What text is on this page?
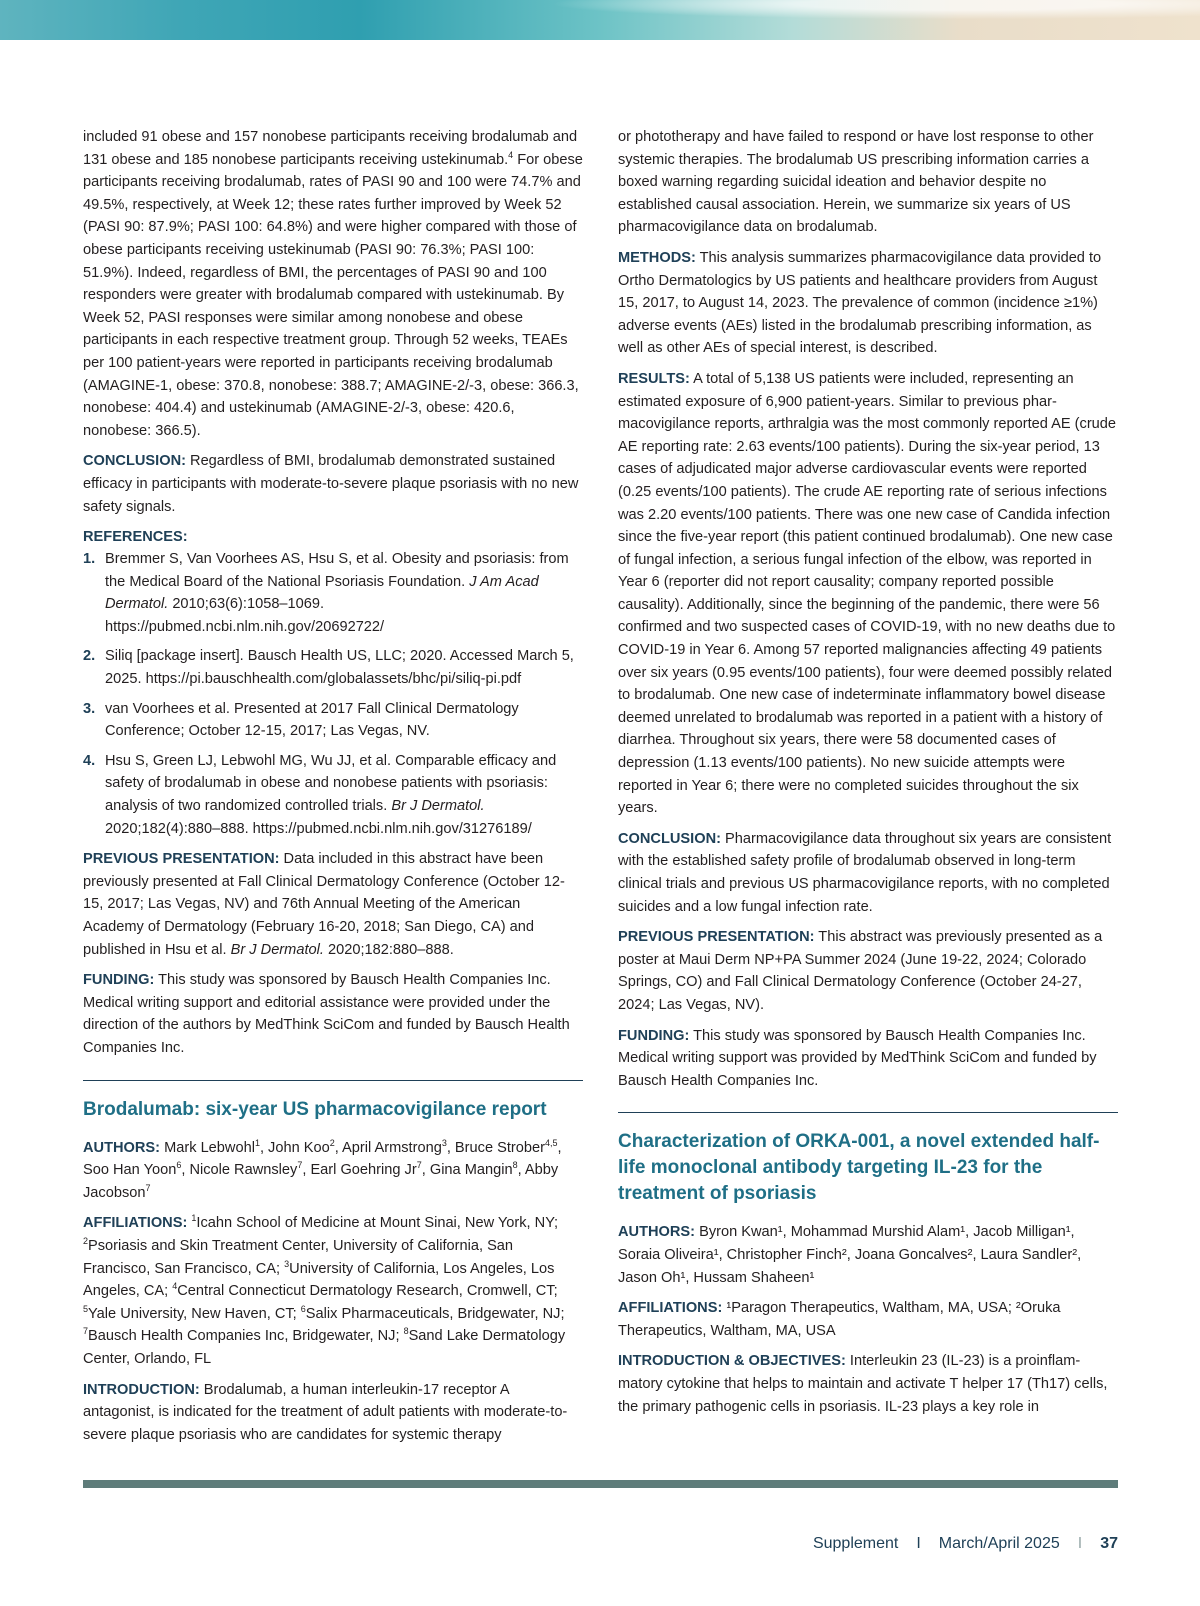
included 91 obese and 157 nonobese participants receiving brodalumab and 131 obese and 185 nonobese participants receiving ustekinumab.$^4$ For obese participants receiving brodalumab, rates of PASI 90 and 100 were 74.7% and 49.5%, respectively, at Week 12; these rates further improved by Week 52 (PASI 90: 87.9%; PASI 100: 64.8%) and were higher compared with those of obese participants receiving ustekinumab (PASI 90: 76.3%; PASI 100: 51.9%). Indeed, regardless of BMI, the percentages of PASI 90 and 100 responders were greater with brodalumab compared with ustekinumab. By Week 52, PASI responses were similar among nonobese and obese participants in each respective treatment group. Through 52 weeks, TEAEs per 100 patient-years were reported in participants receiving brodalumab (AMAGINE-1, obese: 370.8, nonobese: 388.7; AMAGINE-2/-3, obese: 366.3, nonobese: 404.4) and ustekinumab (AMAGINE-2/-3, obese: 420.6, nonobese: 366.5).

CONCLUSION: Regardless of BMI, brodalumab demonstrated sustained efficacy in participants with moderate-to-severe plaque psoriasis with no new safety signals.

REFERENCES:
1. Bremmer S, Van Voorhees AS, Hsu S, et al. Obesity and psoriasis: from the Medical Board of the National Psoriasis Foundation. J Am Acad Dermatol. 2010;63(6):1058–1069. https://pubmed.ncbi.nlm.nih.gov/20692722/
2. Siliq [package insert]. Bausch Health US, LLC; 2020. Accessed March 5, 2025. https://pi.bauschhealth.com/globalassets/bhc/pi/siliq-pi.pdf
3. van Voorhees et al. Presented at 2017 Fall Clinical Dermatology Conference; October 12-15, 2017; Las Vegas, NV.
4. Hsu S, Green LJ, Lebwohl MG, Wu JJ, et al. Comparable efficacy and safety of brodalumab in obese and nonobese patients with psoriasis: analysis of two randomized controlled trials. Br J Dermatol. 2020;182(4):880–888. https://pubmed.ncbi.nlm.nih.gov/31276189/

PREVIOUS PRESENTATION: Data included in this abstract have been previously presented at Fall Clinical Dermatology Conference (October 12-15, 2017; Las Vegas, NV) and 76th Annual Meeting of the American Academy of Dermatology (February 16-20, 2018; San Diego, CA) and published in Hsu et al. Br J Dermatol. 2020;182:880–888.

FUNDING: This study was sponsored by Bausch Health Companies Inc. Medical writing support and editorial assistance were provided under the direction of the authors by MedThink SciCom and funded by Bausch Health Companies Inc.

Brodalumab: six-year US pharmacovigilance report

AUTHORS: Mark Lebwohl$^1$, John Koo$^2$, April Armstrong$^3$, Bruce Strober$^{4,5}$, Soo Han Yoon$^6$, Nicole Rawnsley$^7$, Earl Goehring Jr$^7$, Gina Mangin$^8$, Abby Jacobson$^7$

AFFILIATIONS: $^1$Icahn School of Medicine at Mount Sinai, New York, NY; $^2$Psoriasis and Skin Treatment Center, University of California, San Francisco, San Francisco, CA; $^3$University of California, Los Angeles, Los Angeles, CA; $^4$Central Connecticut Dermatology Research, Cromwell, CT; $^5$Yale University, New Haven, CT; $^6$Salix Pharmaceuticals, Bridgewater, NJ; $^7$Bausch Health Companies Inc, Bridgewater, NJ; $^8$Sand Lake Dermatology Center, Orlando, FL

INTRODUCTION: Brodalumab, a human interleukin-17 receptor A antagonist, is indicated for the treatment of adult patients with moderate-to-severe plaque psoriasis who are candidates for systemic therapy

or phototherapy and have failed to respond or have lost response to other systemic therapies. The brodalumab US prescribing information carries a boxed warning regarding suicidal ideation and behavior despite no established causal association. Herein, we summarize six years of US pharmacovigilance data on brodalumab.

METHODS: This analysis summarizes pharmacovigilance data provided to Ortho Dermatologics by US patients and healthcare providers from August 15, 2017, to August 14, 2023. The prevalence of common (incidence ≥1%) adverse events (AEs) listed in the brodalumab prescribing information, as well as other AEs of special interest, is described.

RESULTS: A total of 5,138 US patients were included, representing an estimated exposure of 6,900 patient-years. Similar to previous pharmacovigilance reports, arthralgia was the most commonly reported AE (crude AE reporting rate: 2.63 events/100 patients). During the six-year period, 13 cases of adjudicated major adverse cardiovascular events were reported (0.25 events/100 patients). The crude AE reporting rate of serious infections was 2.20 events/100 patients. There was one new case of Candida infection since the five-year report (this patient continued brodalumab). One new case of fungal infection, a serious fungal infection of the elbow, was reported in Year 6 (reporter did not report causality; company reported possible causality). Additionally, since the beginning of the pandemic, there were 56 confirmed and two suspected cases of COVID-19, with no new deaths due to COVID-19 in Year 6. Among 57 reported malignancies affecting 49 patients over six years (0.95 events/100 patients), four were deemed possibly related to brodalumab. One new case of indeterminate inflammatory bowel disease deemed unrelated to brodalumab was reported in a patient with a history of diarrhea. Throughout six years, there were 58 documented cases of depression (1.13 events/100 patients). No new suicide attempts were reported in Year 6; there were no completed suicides throughout the six years.

CONCLUSION: Pharmacovigilance data throughout six years are consistent with the established safety profile of brodalumab observed in long-term clinical trials and previous US pharmacovigilance reports, with no completed suicides and a low fungal infection rate.

PREVIOUS PRESENTATION: This abstract was previously presented as a poster at Maui Derm NP+PA Summer 2024 (June 19-22, 2024; Colorado Springs, CO) and Fall Clinical Dermatology Conference (October 24-27, 2024; Las Vegas, NV).

FUNDING: This study was sponsored by Bausch Health Companies Inc. Medical writing support was provided by MedThink SciCom and funded by Bausch Health Companies Inc.

Characterization of ORKA-001, a novel extended half-life monoclonal antibody targeting IL-23 for the treatment of psoriasis

AUTHORS: Byron Kwan¹, Mohammad Murshid Alam¹, Jacob Milligan¹, Soraia Oliveira¹, Christopher Finch², Joana Goncalves², Laura Sandler², Jason Oh¹, Hussam Shaheen¹

AFFILIATIONS: ¹Paragon Therapeutics, Waltham, MA, USA; ²Oruka Therapeutics, Waltham, MA, USA

INTRODUCTION & OBJECTIVES: Interleukin 23 (IL-23) is a proinflammatory cytokine that helps to maintain and activate T helper 17 (Th17) cells, the primary pathogenic cells in psoriasis. IL-23 plays a key role in

Supplement I March/April 2025 I 37
